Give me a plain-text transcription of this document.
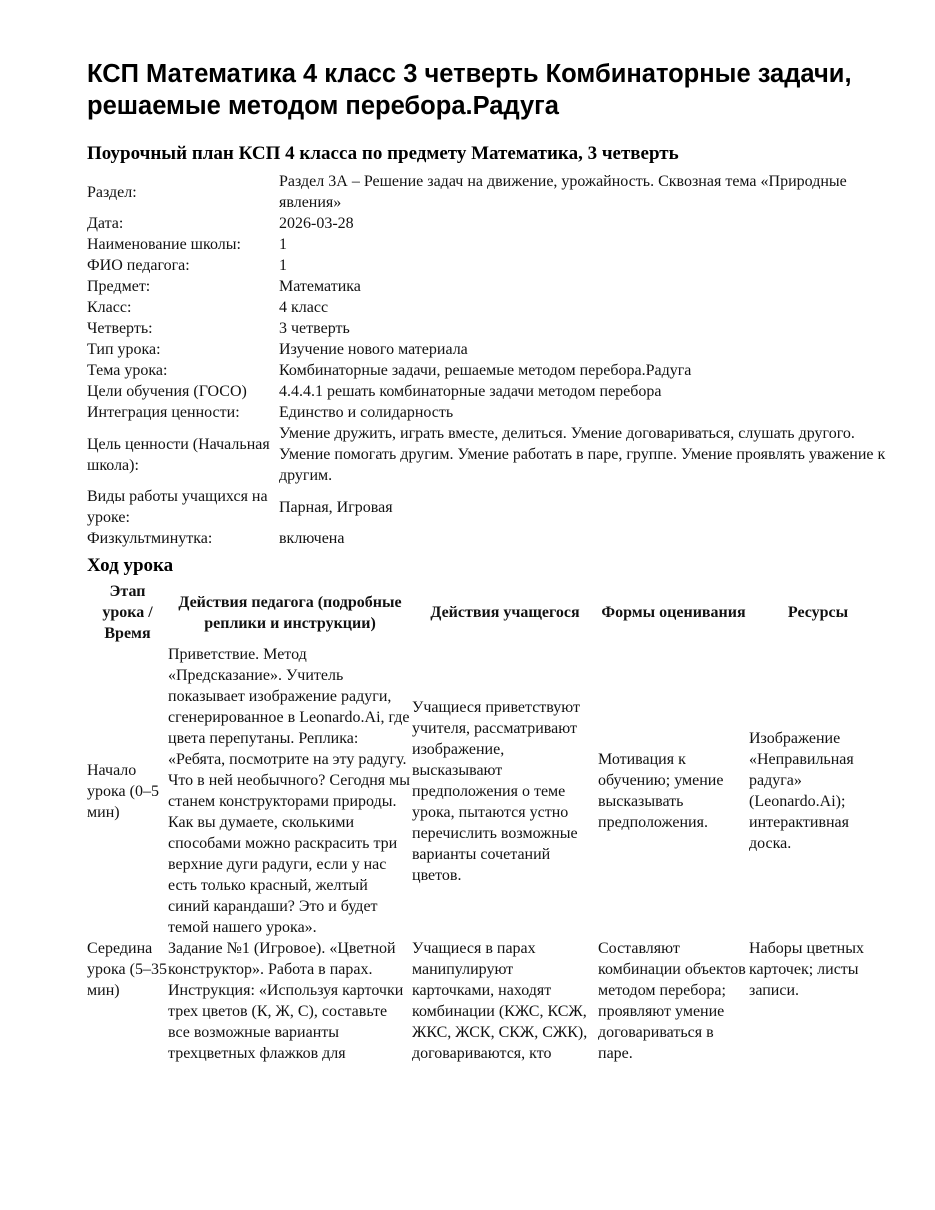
КСП Математика 4 класс 3 четверть Комбинаторные задачи, решаемые методом перебора.Радуга
Поурочный план КСП 4 класса по предмету Математика, 3 четверть
Раздел:	Раздел 3А – Решение задач на движение, урожайность. Сквозная тема «Природные явления»
Дата:	2026-03-28
Наименование школы:	1
ФИО педагога:	1
Предмет:	Математика
Класс:	4 класс
Четверть:	3 четверть
Тип урока:	Изучение нового материала
Тема урока:	Комбинаторные задачи, решаемые методом перебора.Радуга
Цели обучения (ГОСО)	4.4.4.1 решать комбинаторные задачи методом перебора
Интеграция ценности:	Единство и солидарность
Цель ценности (Начальная школа):	Умение дружить, играть вместе, делиться. Умение договариваться, слушать другого. Умение помогать другим. Умение работать в паре, группе. Умение проявлять уважение к другим.
Виды работы учащихся на уроке:	Парная, Игровая
Физкультминутка:	включена
Ход урока
Этап урока / Время	Действия педагога (подробные реплики и инструкции)	Действия учащегося	Формы оценивания	Ресурсы
Начало урока (0–5 мин)	Приветствие. Метод «Предсказание». Учитель показывает изображение радуги, сгенерированное в Leonardo.Ai, где цвета перепутаны. Реплика: «Ребята, посмотрите на эту радугу. Что в ней необычного? Сегодня мы станем конструкторами природы. Как вы думаете, сколькими способами можно раскрасить три верхние дуги радуги, если у нас есть только красный, желтый синий карандаши? Это и будет темой нашего урока».	Учащиеся приветствуют учителя, рассматривают изображение, высказывают предположения о теме урока, пытаются устно перечислить возможные варианты сочетаний цветов.	Мотивация к обучению; умение высказывать предположения.	Изображение «Неправильная радуга» (Leonardo.Ai); интерактивная доска.
Середина урока (5–35 мин)	Задание №1 (Игровое). «Цветной конструктор». Работа в парах. Инструкция: «Используя карточки трех цветов (К, Ж, С), составьте все возможные варианты трехцветных флажков для	Учащиеся в парах манипулируют карточками, находят комбинации (КЖС, КСЖ, ЖКС, ЖСК, СКЖ, СЖК), договариваются, кто	Составляют комбинации объектов методом перебора; проявляют умение договариваться в паре.	Наборы цветных карточек; листы записи.
